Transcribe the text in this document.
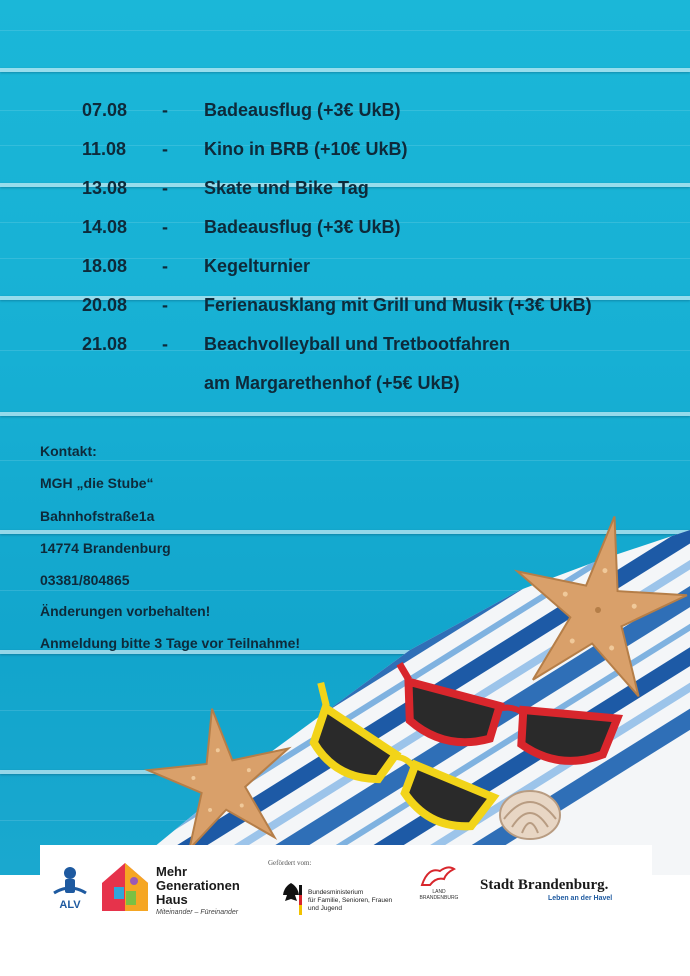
07.08	-	Badeausflug (+3€ UkB)
11.08	-	Kino in BRB (+10€ UkB)
13.08	-	Skate und Bike Tag
14.08	-	Badeausflug (+3€ UkB)
18.08	-	Kegelturnier
20.08	-	Ferienausklang mit Grill und Musik (+3€ UkB)
21.08	-	Beachvolleyball und Tretbootfahren
am Margarethenhof (+5€ UkB)
Kontakt:
MGH „die Stube“
Bahnhofstraße1a
14774 Brandenburg
03381/804865
Änderungen vorbehalten!
Anmeldung bitte 3 Tage vor Teilnahme!
ALV
Mehr
Generationen
Haus
Miteinander – Füreinander
Gefördert vom:
Bundesministerium
für Familie, Senioren, Frauen
und Jugend
LAND
BRANDENBURG
Stadt Brandenburg.
Leben an der Havel
